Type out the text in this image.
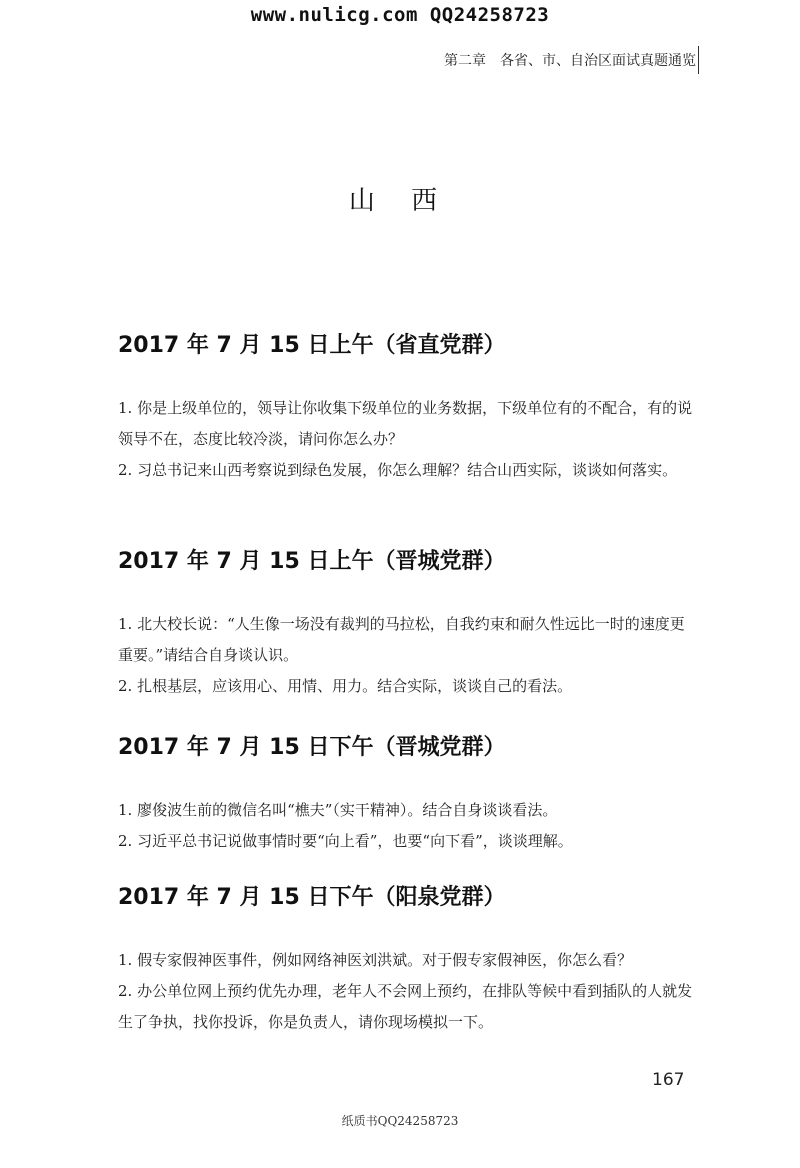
www.nulicg.com QQ24258723
第二章　各省、市、自治区面试真题通览
山 西
2017 年 7 月 15 日上午（省直党群）

1. 你是上级单位的，领导让你收集下级单位的业务数据，下级单位有的不配合，有的说领导不在，态度比较冷淡，请问你怎么办？

2. 习总书记来山西考察说到绿色发展，你怎么理解？结合山西实际，谈谈如何落实。

2017 年 7 月 15 日上午（晋城党群）

1. 北大校长说：“人生像一场没有裁判的马拉松，自我约束和耐久性远比一时的速度更重要。”请结合自身谈认识。

2. 扎根基层，应该用心、用情、用力。结合实际，谈谈自己的看法。

2017 年 7 月 15 日下午（晋城党群）

1. 廖俊波生前的微信名叫“樵夫”（实干精神）。结合自身谈谈看法。

2. 习近平总书记说做事情时要“向上看”，也要“向下看”，谈谈理解。

2017 年 7 月 15 日下午（阳泉党群）

1. 假专家假神医事件，例如网络神医刘洪斌。对于假专家假神医，你怎么看？

2. 办公单位网上预约优先办理，老年人不会网上预约，在排队等候中看到插队的人就发生了争执，找你投诉，你是负责人，请你现场模拟一下。

167
纸质书QQ24258723
